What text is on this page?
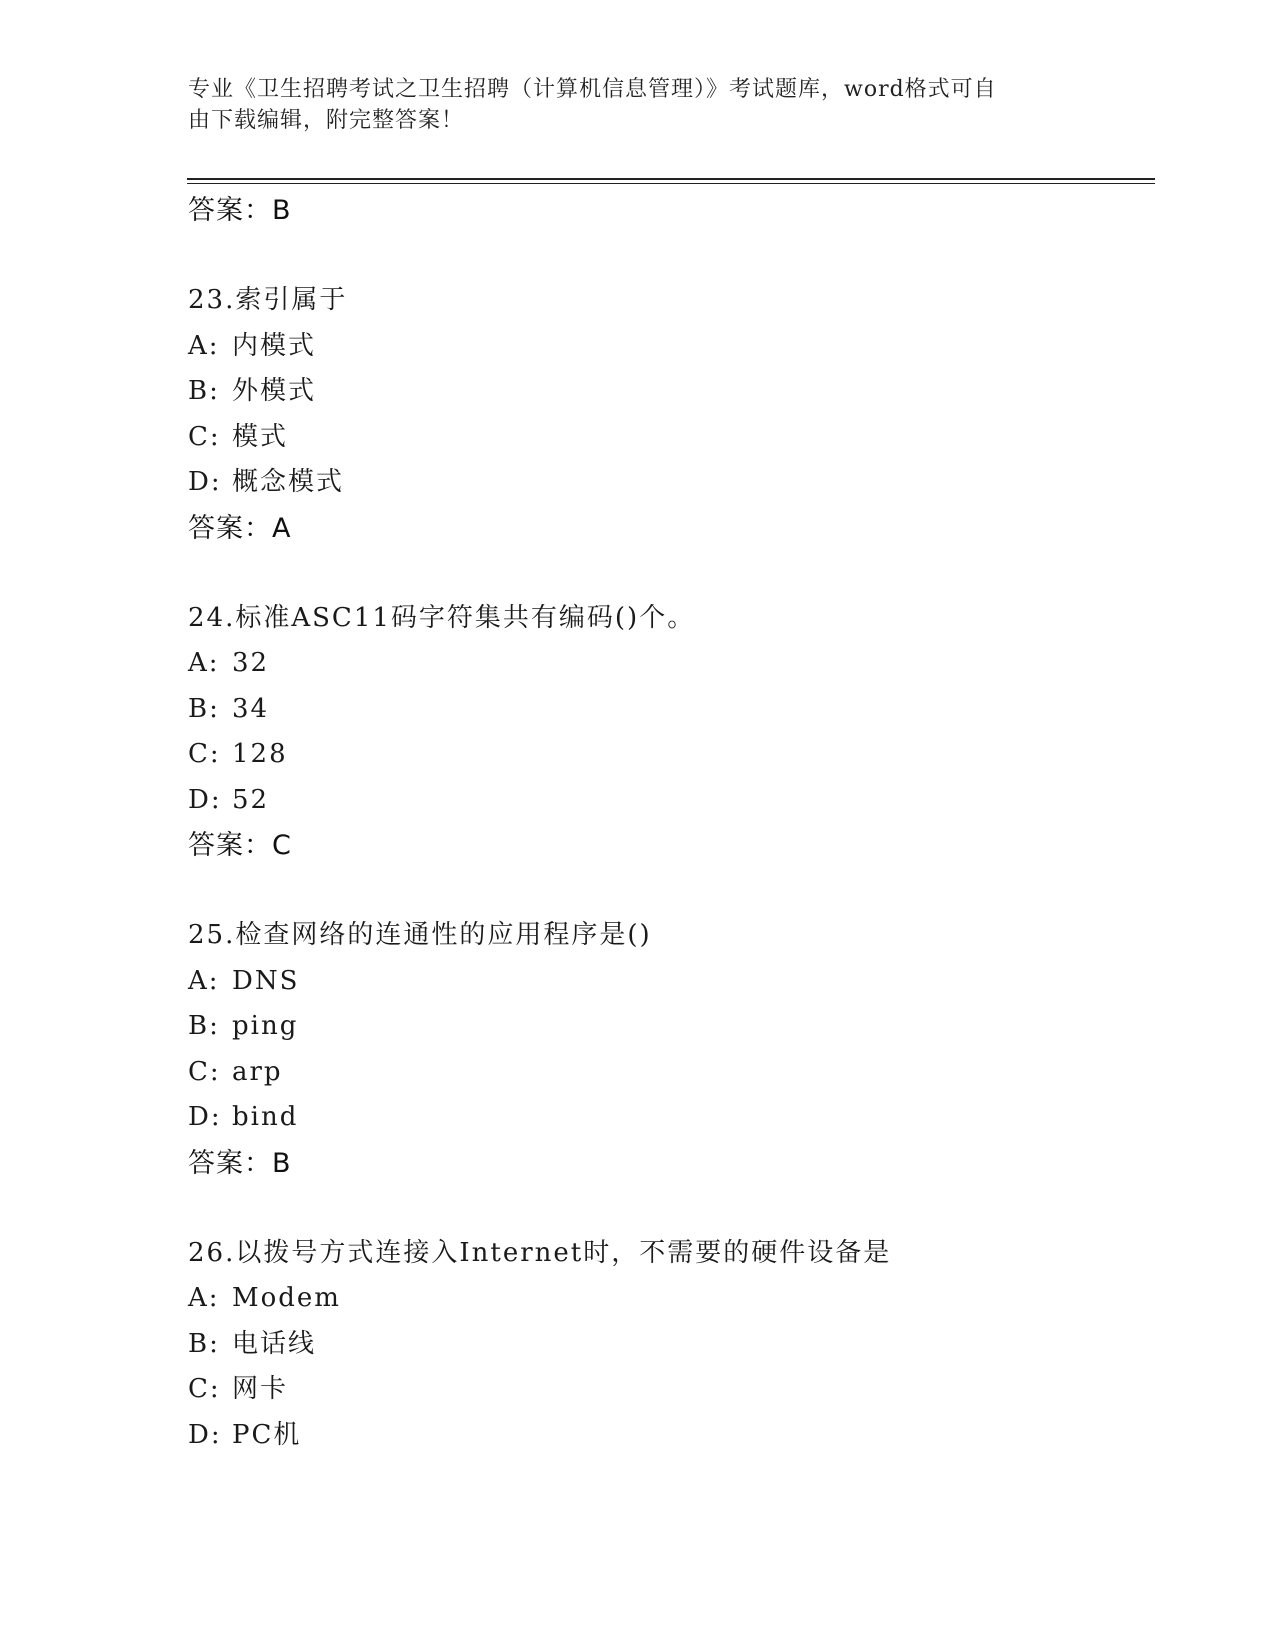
专业《卫生招聘考试之卫生招聘（计算机信息管理）》考试题库，word格式可自
由下载编辑，附完整答案！
答案：B
23.索引属于
A: 内模式
B: 外模式
C: 模式
D: 概念模式
答案：A
24.标准ASC11码字符集共有编码()个。
A: 32
B: 34
C: 128
D: 52
答案：C
25.检查网络的连通性的应用程序是()
A: DNS
B: ping
C: arp
D: bind
答案：B
26.以拨号方式连接入Internet时，不需要的硬件设备是
A: Modem
B: 电话线
C: 网卡
D: PC机
